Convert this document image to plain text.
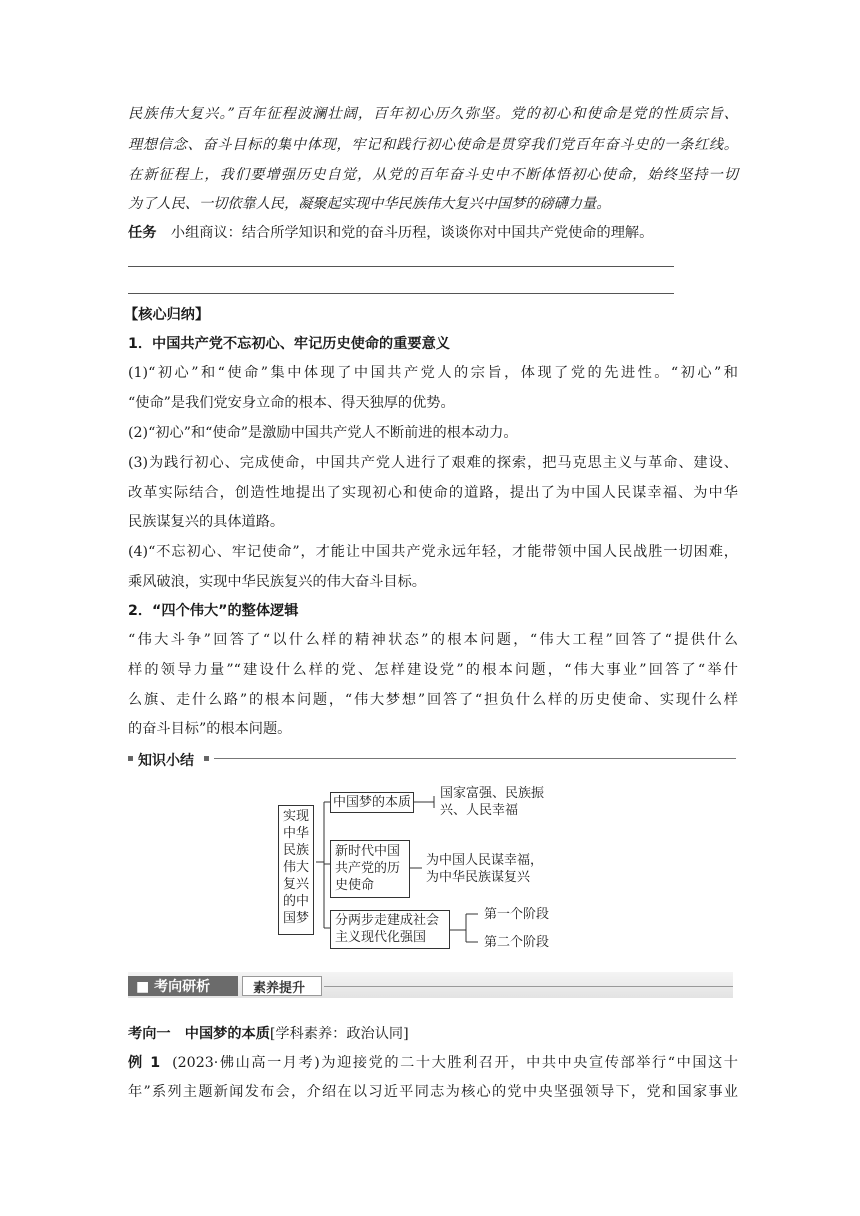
民族伟大复兴。”百年征程波澜壮阔，百年初心历久弥坚。党的初心和使命是党的性质宗旨、
理想信念、奋斗目标的集中体现，牢记和践行初心使命是贯穿我们党百年奋斗史的一条红线。
在新征程上，我们要增强历史自觉，从党的百年奋斗史中不断体悟初心使命，始终坚持一切
为了人民、一切依靠人民，凝聚起实现中华民族伟大复兴中国梦的磅礴力量。
任务 小组商议：结合所学知识和党的奋斗历程，谈谈你对中国共产党使命的理解。
【核心归纳】
1．中国共产党不忘初心、牢记历史使命的重要意义
(1)“初心”和“使命”集中体现了中国共产党人的宗旨，体现了党的先进性。“初心”和
“使命”是我们党安身立命的根本、得天独厚的优势。
(2)“初心”和“使命”是激励中国共产党人不断前进的根本动力。
(3)为践行初心、完成使命，中国共产党人进行了艰难的探索，把马克思主义与革命、建设、
改革实际结合，创造性地提出了实现初心和使命的道路，提出了为中国人民谋幸福、为中华
民族谋复兴的具体道路。
(4)“不忘初心、牢记使命”，才能让中国共产党永远年轻，才能带领中国人民战胜一切困难，
乘风破浪，实现中华民族复兴的伟大奋斗目标。
2．“四个伟大”的整体逻辑
“伟大斗争”回答了“以什么样的精神状态”的根本问题，“伟大工程”回答了“提供什么
样的领导力量”“建设什么样的党、怎样建设党”的根本问题，“伟大事业”回答了“举什
么旗、走什么路”的根本问题，“伟大梦想”回答了“担负什么样的历史使命、实现什么样
的奋斗目标”的根本问题。
知识小结
实现
中华
民族
伟大
复兴
的中
国梦
中国梦的本质
国家富强、民族振
兴、人民幸福
新时代中国
共产党的历
史使命
为中国人民谋幸福，
为中华民族谋复兴
分两步走建成社会
主义现代化强国
第一个阶段
第二个阶段
■ 考向研析	素养提升
考向一　中国梦的本质[学科素养：政治认同]
例 1 (2023·佛山高一月考)为迎接党的二十大胜利召开，中共中央宣传部举行“中国这十
年”系列主题新闻发布会，介绍在以习近平同志为核心的党中央坚强领导下，党和国家事业
